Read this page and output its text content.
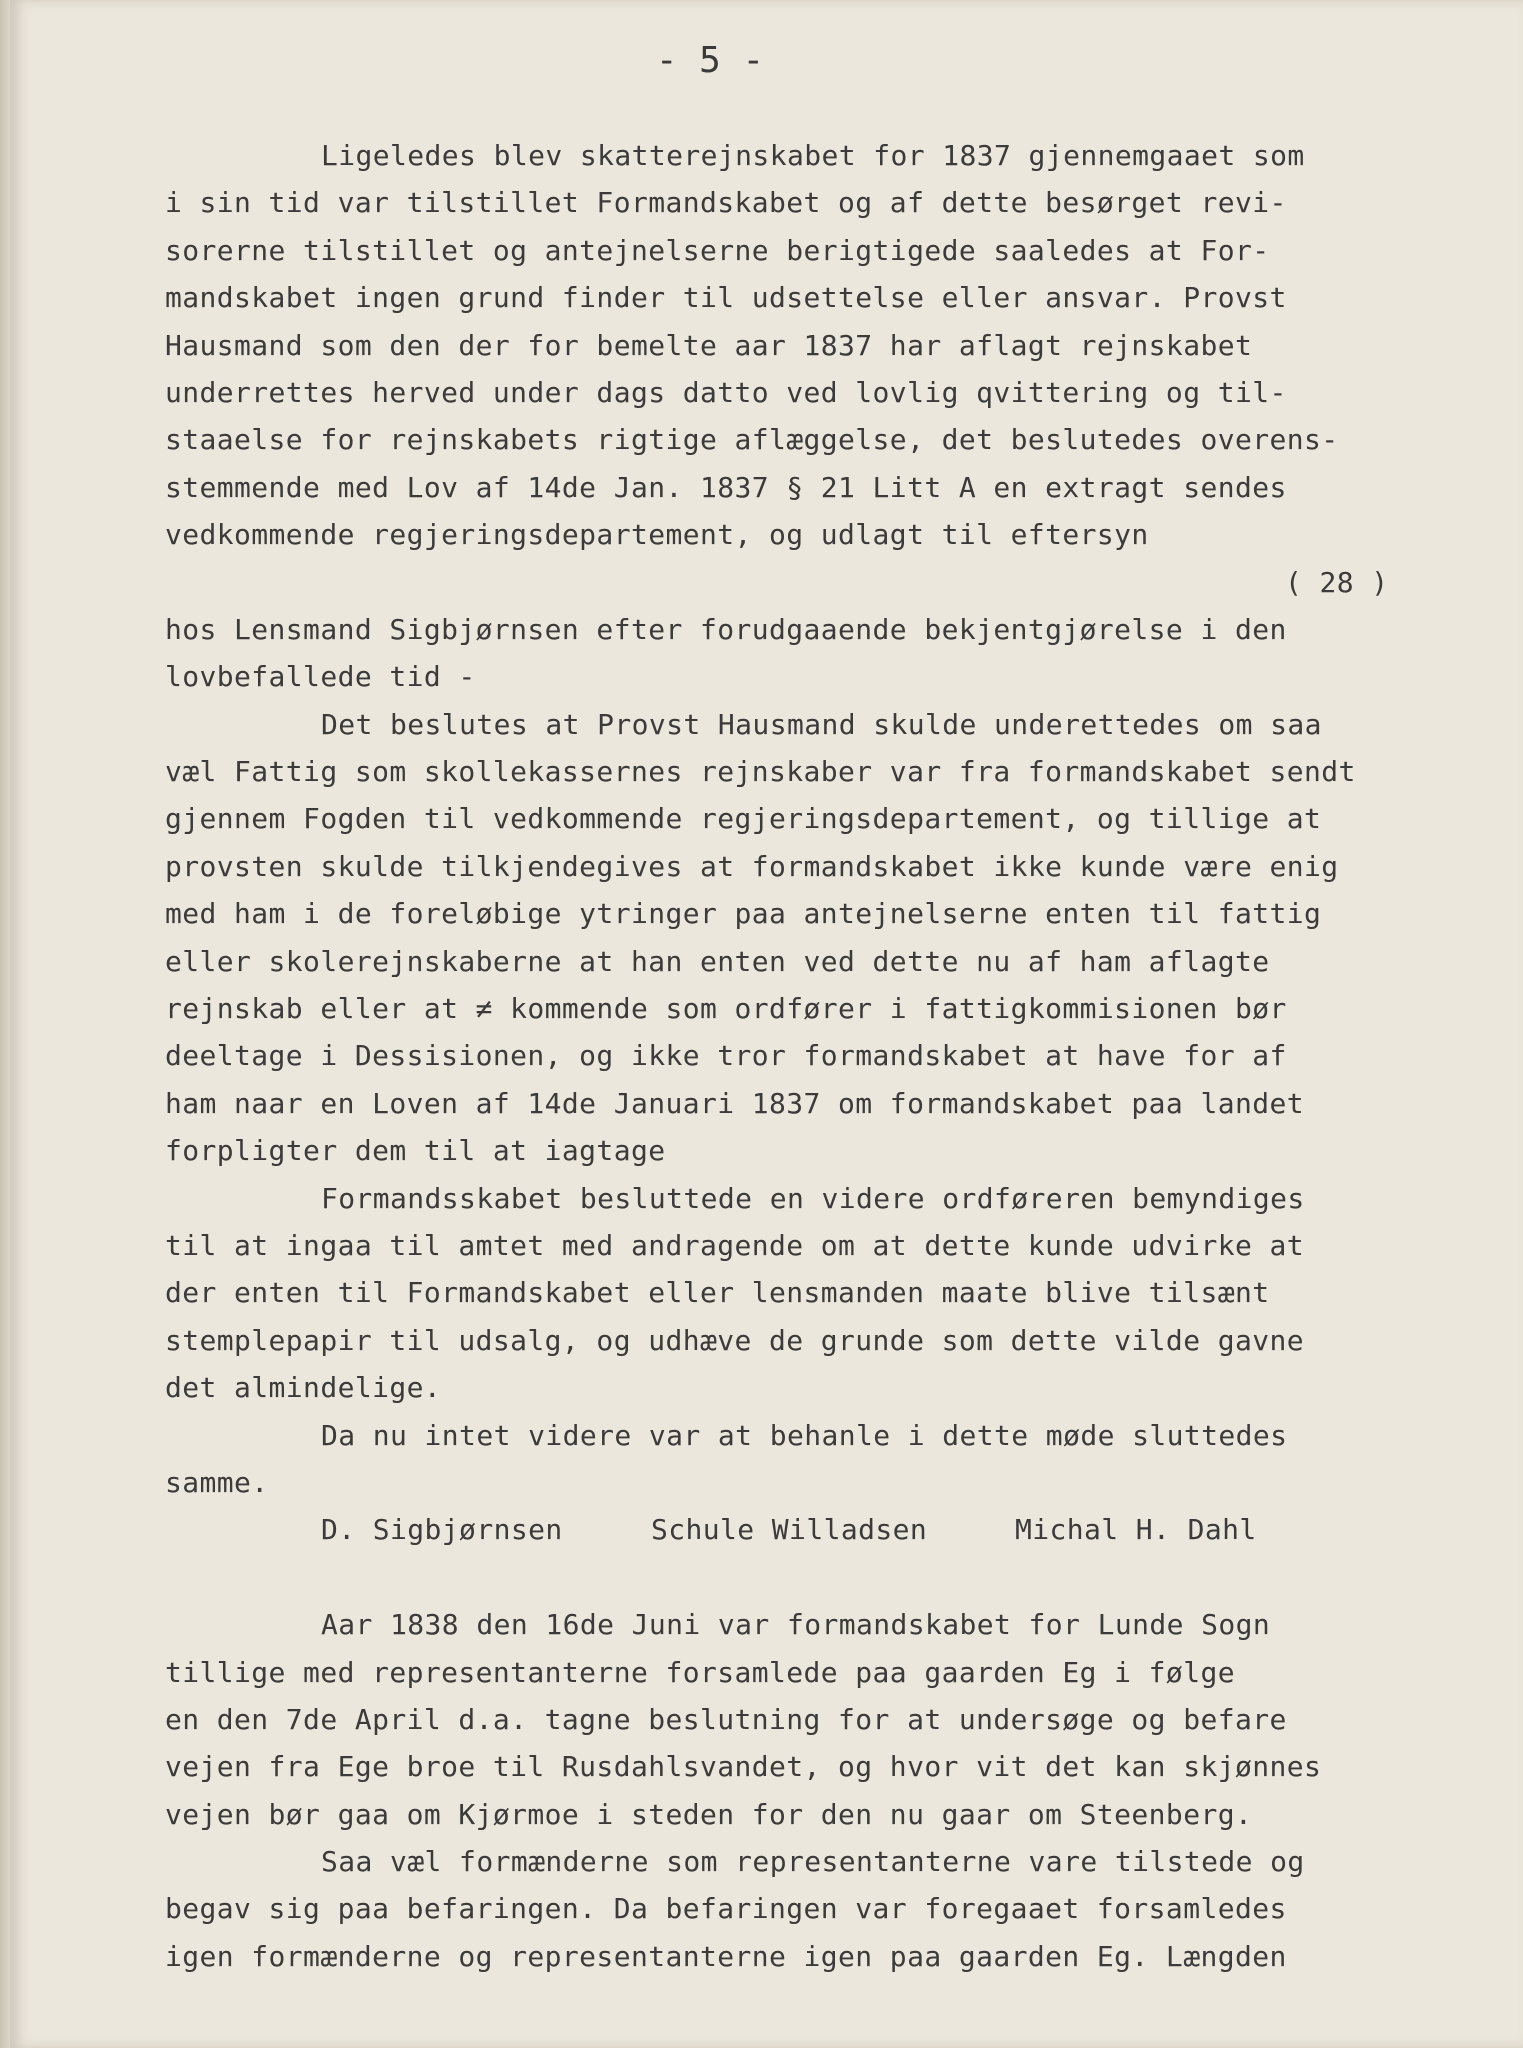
- 5 -
Ligeledes blev skatterejnskabet for 1837 gjennemgaaet som
i sin tid var tilstillet Formandskabet og af dette besørget revi-
sorerne tilstillet og antejnelserne berigtigede saaledes at For-
mandskabet ingen grund finder til udsettelse eller ansvar. Provst
Hausmand som den der for bemelte aar 1837 har aflagt rejnskabet
underrettes herved under dags datto ved lovlig qvittering og til-
staaelse for rejnskabets rigtige aflæggelse, det beslutedes overens-
stemmende med Lov af 14de Jan. 1837 § 21 Litt A en extragt sendes
vedkommende regjeringsdepartement, og udlagt til eftersyn
( 28 )
hos Lensmand Sigbjørnsen efter forudgaaende bekjentgjørelse i den
lovbefallede tid -
Det beslutes at Provst Hausmand skulde underettedes om saa
væl Fattig som skollekassernes rejnskaber var fra formandskabet sendt
gjennem Fogden til vedkommende regjeringsdepartement, og tillige at
provsten skulde tilkjendegives at formandskabet ikke kunde være enig
med ham i de foreløbige ytringer paa antejnelserne enten til fattig
eller skolerejnskaberne at han enten ved dette nu af ham aflagte
rejnskab eller at ≠ kommende som ordfører i fattigkommisionen bør
deeltage i Dessisionen, og ikke tror formandskabet at have for af
ham naar en Loven af 14de Januari 1837 om formandskabet paa landet
forpligter dem til at iagtage
Formandsskabet besluttede en videre ordføreren bemyndiges
til at ingaa til amtet med andragende om at dette kunde udvirke at
der enten til Formandskabet eller lensmanden maate blive tilsænt
stemplepapir til udsalg, og udhæve de grunde som dette vilde gavne
det almindelige.
Da nu intet videre var at behanle i dette møde sluttedes
samme.
D. Sigbjørnsen	Schule Willadsen	Michal H. Dahl
Aar 1838 den 16de Juni var formandskabet for Lunde Sogn
tillige med representanterne forsamlede paa gaarden Eg i følge
en den 7de April d.a. tagne beslutning for at undersøge og befare
vejen fra Ege broe til Rusdahlsvandet, og hvor vit det kan skjønnes
vejen bør gaa om Kjørmoe i steden for den nu gaar om Steenberg.
Saa væl formænderne som representanterne vare tilstede og
begav sig paa befaringen. Da befaringen var foregaaet forsamledes
igen formænderne og representanterne igen paa gaarden Eg. Længden
